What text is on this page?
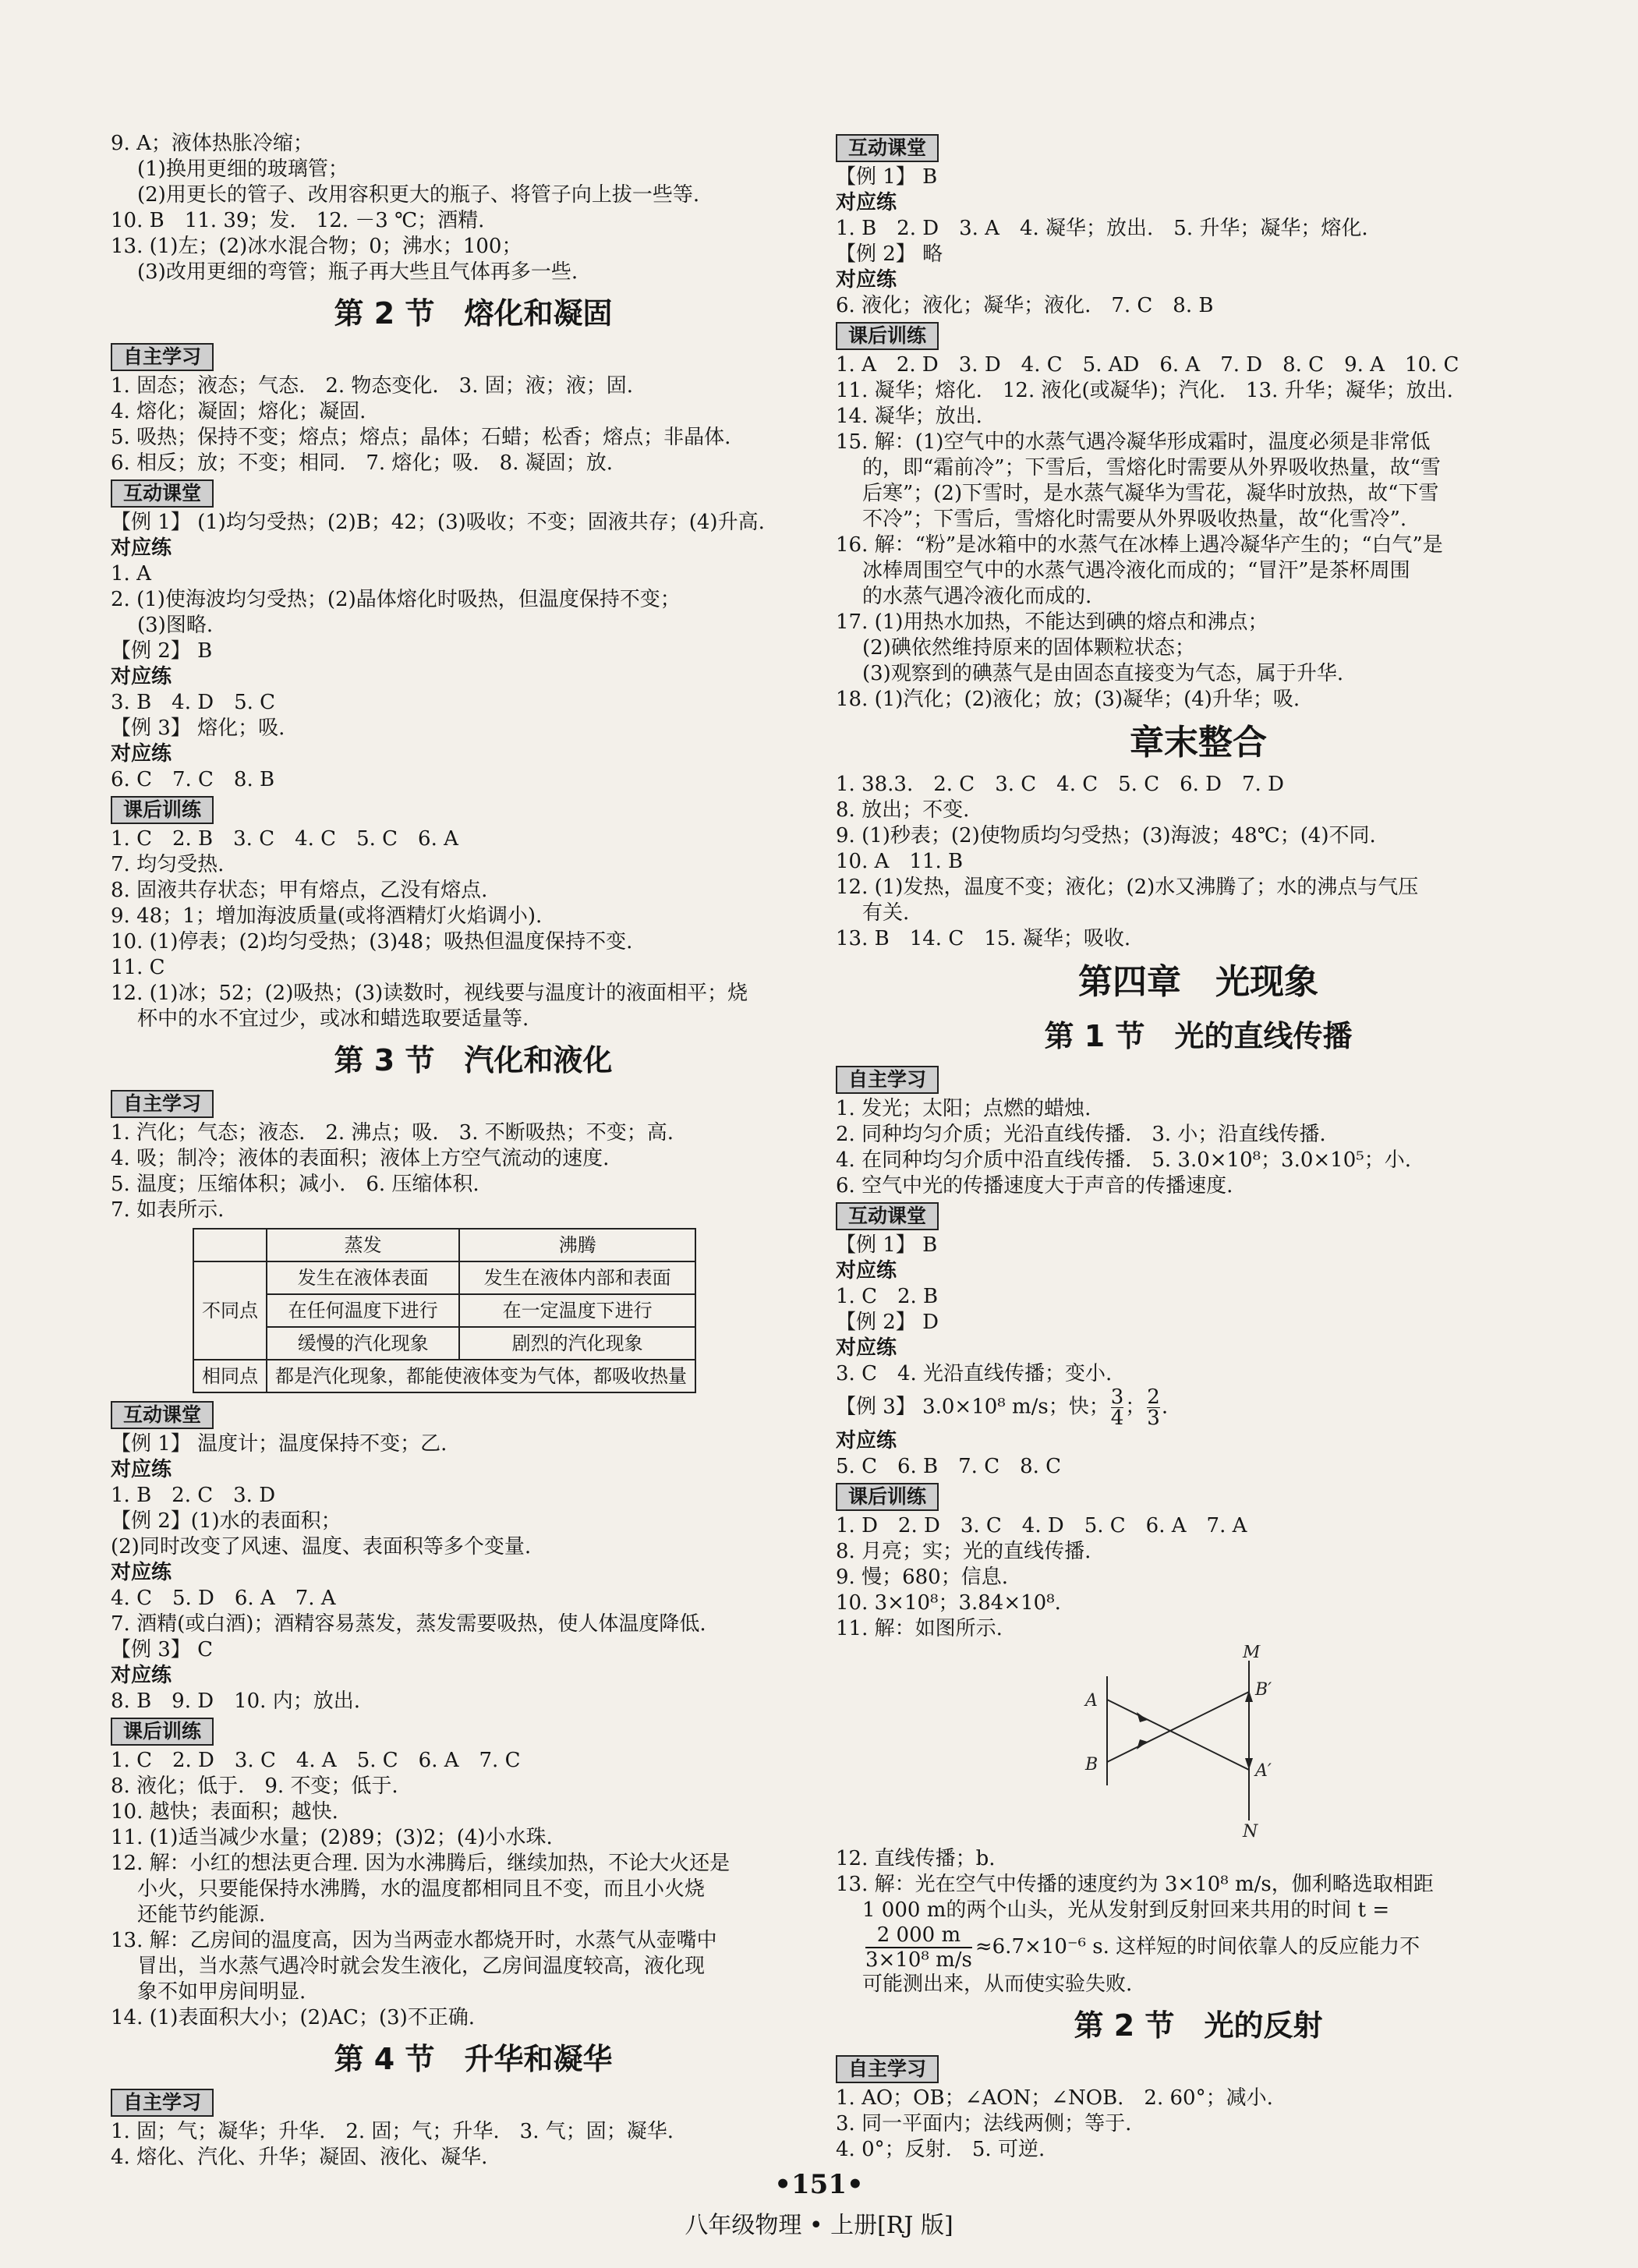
9. A；液体热胀冷缩；
(1)换用更细的玻璃管；
(2)用更长的管子、改用容积更大的瓶子、将管子向上拔一些等.
10. B　11. 39；发.　12. －3 ℃；酒精.
13. (1)左；(2)冰水混合物；0；沸水；100；
(3)改用更细的弯管；瓶子再大些且气体再多一些.
第 2 节　熔化和凝固
自主学习
1. 固态；液态；气态.　2. 物态变化.　3. 固；液；液；固.
4. 熔化；凝固；熔化；凝固.
5. 吸热；保持不变；熔点；熔点；晶体；石蜡；松香；熔点；非晶体.
6. 相反；放；不变；相同.　7. 熔化；吸.　8. 凝固；放.
互动课堂
【例 1】 (1)均匀受热；(2)B；42；(3)吸收；不变；固液共存；(4)升高.
对应练
1. A
2. (1)使海波均匀受热；(2)晶体熔化时吸热，但温度保持不变；
(3)图略.
【例 2】 B
对应练
3. B　4. D　5. C
【例 3】 熔化；吸.
对应练
6. C　7. C　8. B
课后训练
1. C　2. B　3. C　4. C　5. C　6. A
7. 均匀受热.
8. 固液共存状态；甲有熔点，乙没有熔点.
9. 48；1；增加海波质量(或将酒精灯火焰调小).
10. (1)停表；(2)均匀受热；(3)48；吸热但温度保持不变.
11. C
12. (1)冰；52；(2)吸热；(3)读数时，视线要与温度计的液面相平；烧
杯中的水不宜过少，或冰和蜡选取要适量等.
第 3 节　汽化和液化
自主学习
1. 汽化；气态；液态.　2. 沸点；吸.　3. 不断吸热；不变；高.
4. 吸；制冷；液体的表面积；液体上方空气流动的速度.
5. 温度；压缩体积；减小.　6. 压缩体积.
7. 如表所示.
	蒸发	沸腾
不同点	发生在液体表面	发生在液体内部和表面
	在任何温度下进行	在一定温度下进行
	缓慢的汽化现象	剧烈的汽化现象
相同点	都是汽化现象，都能使液体变为气体，都吸收热量	
互动课堂
【例 1】 温度计；温度保持不变；乙.
对应练
1. B　2. C　3. D
【例 2】(1)水的表面积；
(2)同时改变了风速、温度、表面积等多个变量.
对应练
4. C　5. D　6. A　7. A
7. 酒精(或白酒)；酒精容易蒸发，蒸发需要吸热，使人体温度降低.
【例 3】 C
对应练
8. B　9. D　10. 内；放出.
课后训练
1. C　2. D　3. C　4. A　5. C　6. A　7. C
8. 液化；低于.　9. 不变；低于.
10. 越快；表面积；越快.
11. (1)适当减少水量；(2)89；(3)2；(4)小水珠.
12. 解：小红的想法更合理. 因为水沸腾后，继续加热，不论大火还是
小火，只要能保持水沸腾，水的温度都相同且不变，而且小火烧
还能节约能源.
13. 解：乙房间的温度高，因为当两壶水都烧开时，水蒸气从壶嘴中
冒出，当水蒸气遇冷时就会发生液化，乙房间温度较高，液化现
象不如甲房间明显.
14. (1)表面积大小；(2)AC；(3)不正确.
第 4 节　升华和凝华
自主学习
1. 固；气；凝华；升华.　2. 固；气；升华.　3. 气；固；凝华.
4. 熔化、汽化、升华；凝固、液化、凝华.
互动课堂
【例 1】 B
对应练
1. B　2. D　3. A　4. 凝华；放出.　5. 升华；凝华；熔化.
【例 2】 略
对应练
6. 液化；液化；凝华；液化.　7. C　8. B
课后训练
1. A　2. D　3. D　4. C　5. AD　6. A　7. D　8. C　9. A　10. C
11. 凝华；熔化.　12. 液化(或凝华)；汽化.　13. 升华；凝华；放出.
14. 凝华；放出.
15. 解：(1)空气中的水蒸气遇冷凝华形成霜时，温度必须是非常低
的，即“霜前冷”；下雪后，雪熔化时需要从外界吸收热量，故“雪
后寒”；(2)下雪时，是水蒸气凝华为雪花，凝华时放热，故“下雪
不冷”；下雪后，雪熔化时需要从外界吸收热量，故“化雪冷”.
16. 解：“粉”是冰箱中的水蒸气在冰棒上遇冷凝华产生的；“白气”是
冰棒周围空气中的水蒸气遇冷液化而成的；“冒汗”是茶杯周围
的水蒸气遇冷液化而成的.
17. (1)用热水加热，不能达到碘的熔点和沸点；
(2)碘依然维持原来的固体颗粒状态；
(3)观察到的碘蒸气是由固态直接变为气态，属于升华.
18. (1)汽化；(2)液化；放；(3)凝华；(4)升华；吸.
章末整合
1. 38.3.　2. C　3. C　4. C　5. C　6. D　7. D
8. 放出；不变.
9. (1)秒表；(2)使物质均匀受热；(3)海波；48℃；(4)不同.
10. A　11. B
12. (1)发热，温度不变；液化；(2)水又沸腾了；水的沸点与气压
有关.
13. B　14. C　15. 凝华；吸收.
第四章　光现象
第 1 节　光的直线传播
自主学习
1. 发光；太阳；点燃的蜡烛.
2. 同种均匀介质；光沿直线传播.　3. 小；沿直线传播.
4. 在同种均匀介质中沿直线传播.　5. 3.0×10⁸；3.0×10⁵；小.
6. 空气中光的传播速度大于声音的传播速度.
互动课堂
【例 1】 B
对应练
1. C　2. B
【例 2】 D
对应练
3. C　4. 光沿直线传播；变小.
【例 3】 3.0×10⁸ m/s；快； $\frac{3}{4}$ ； $\frac{2}{3}$ .
对应练
5. C　6. B　7. C　8. C
课后训练
1. D　2. D　3. C　4. D　5. C　6. A　7. A
8. 月亮；实；光的直线传播.
9. 慢；680；信息.
10. 3×10⁸；3.84×10⁸.
11. 解：如图所示.
M
N
A
B	A′
B′
12. 直线传播；b.
13. 解：光在空气中传播的速度约为 3×10⁸ m/s，伽利略选取相距
1 000 m的两个山头，光从发射到反射回来共用的时间 t =
$\frac{2 000 m}{\text{3×10⁸ m/s}} \approx 6.7\times 10^{-6}$ s. 这样短的时间依靠人的反应能力不
可能测出来，从而使实验失败.
第 2 节　光的反射
自主学习
1. AO；OB；∠AON；∠NOB.　2. 60°；减小.
3. 同一平面内；法线两侧；等于.
4. 0°；反射.　5. 可逆.
•151•
八年级物理 • 上册[RJ 版]
